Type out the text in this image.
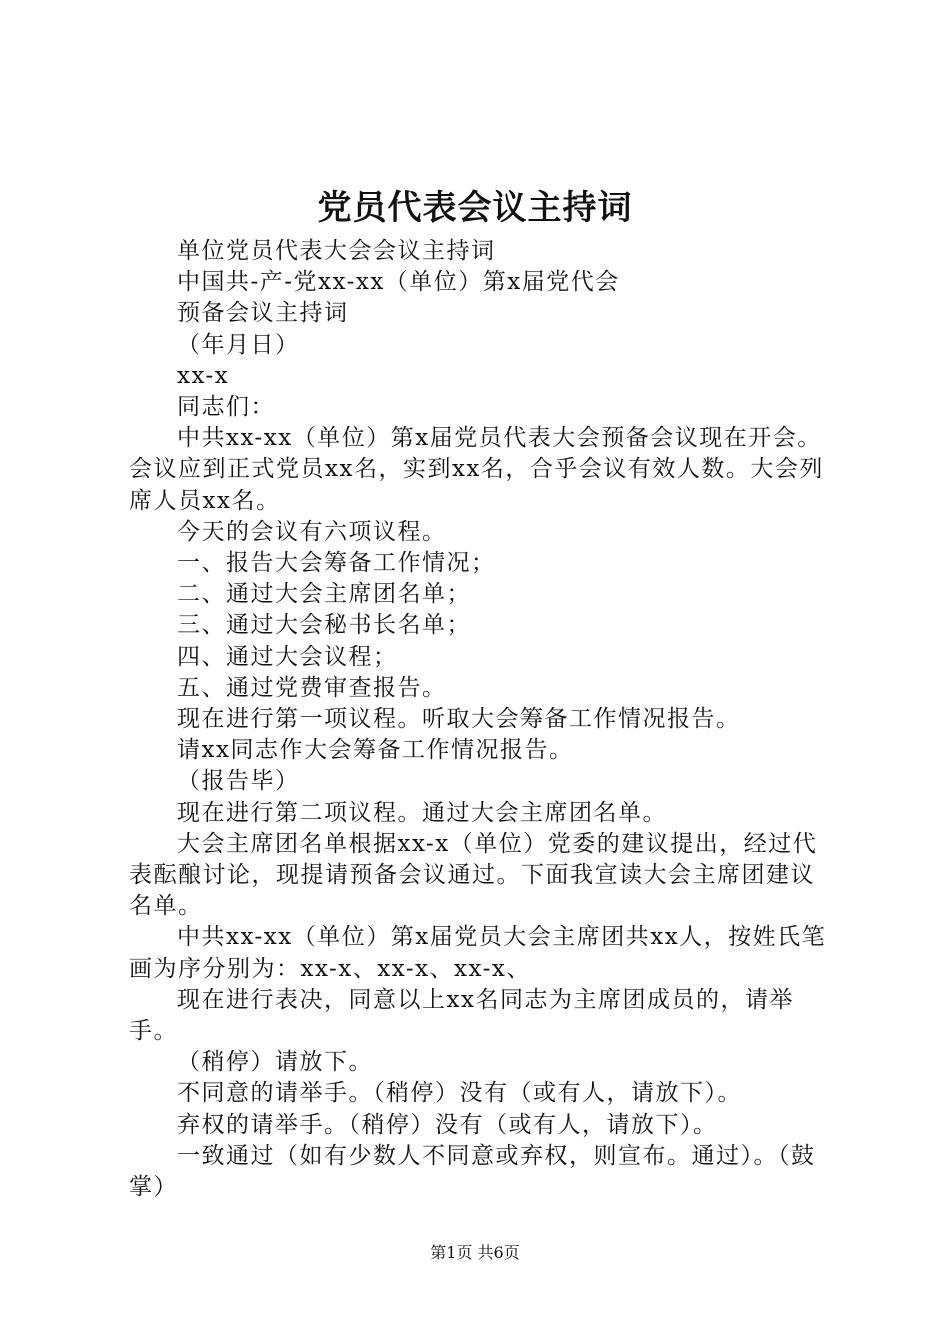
党员代表会议主持词

单位党员代表大会会议主持词

中国共-产-党xx-xx（单位）第x届党代会

预备会议主持词

（年月日）

xx-x

同志们：

中共xx-xx（单位）第x届党员代表大会预备会议现在开会。会议应到正式党员xx名，实到xx名，合乎会议有效人数。大会列席人员xx名。

今天的会议有六项议程。

一、报告大会筹备工作情况；

二、通过大会主席团名单；

三、通过大会秘书长名单；

四、通过大会议程；

五、通过党费审查报告。

现在进行第一项议程。听取大会筹备工作情况报告。

请xx同志作大会筹备工作情况报告。

（报告毕）

现在进行第二项议程。通过大会主席团名单。

大会主席团名单根据xx-x（单位）党委的建议提出，经过代表酝酿讨论，现提请预备会议通过。下面我宣读大会主席团建议名单。

中共xx-xx（单位）第x届党员大会主席团共xx人，按姓氏笔画为序分别为：xx-x、xx-x、xx-x、

现在进行表决，同意以上xx名同志为主席团成员的，请举手。

（稍停）请放下。

不同意的请举手。（稍停）没有（或有人，请放下）。

弃权的请举手。（稍停）没有（或有人，请放下）。

一致通过（如有少数人不同意或弃权，则宣布。通过）。（鼓掌）

第1页 共6页
